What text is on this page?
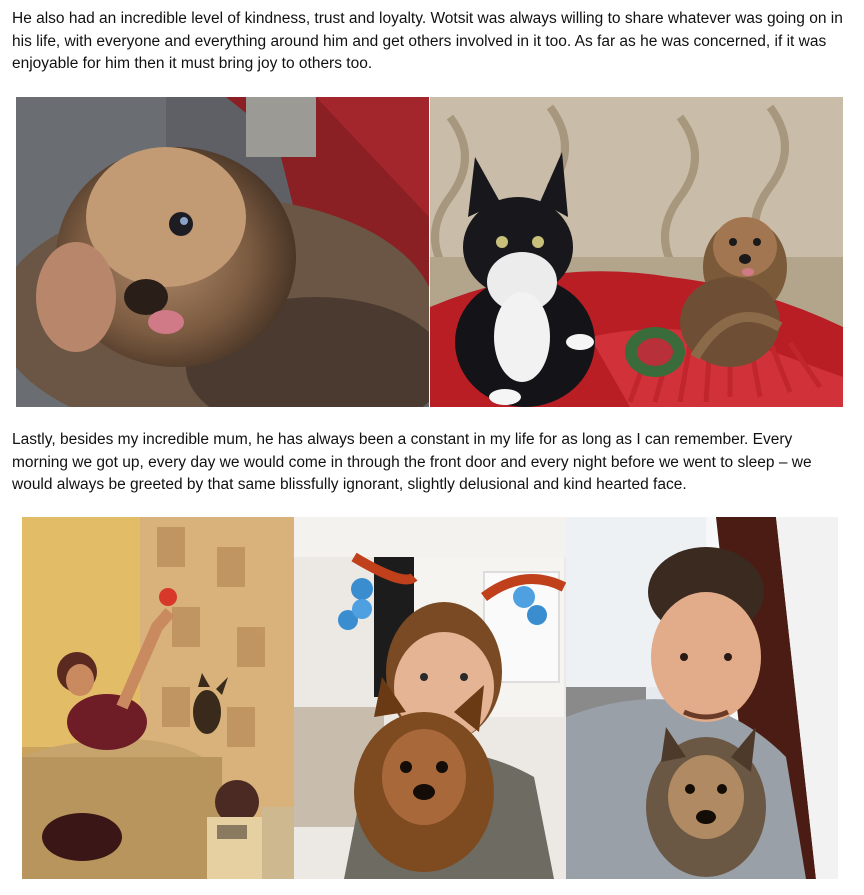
He also had an incredible level of kindness, trust and loyalty. Wotsit was always willing to share whatever was going on in his life, with everyone and everything around him and get others involved in it too. As far as he was concerned, if it was enjoyable for him then it must bring joy to others too.

Lastly, besides my incredible mum, he has always been a constant in my life for as long as I can remember. Every morning we got up, every day we would come in through the front door and every night before we went to sleep – we would always be greeted by that same blissfully ignorant, slightly delusional and kind hearted face.
